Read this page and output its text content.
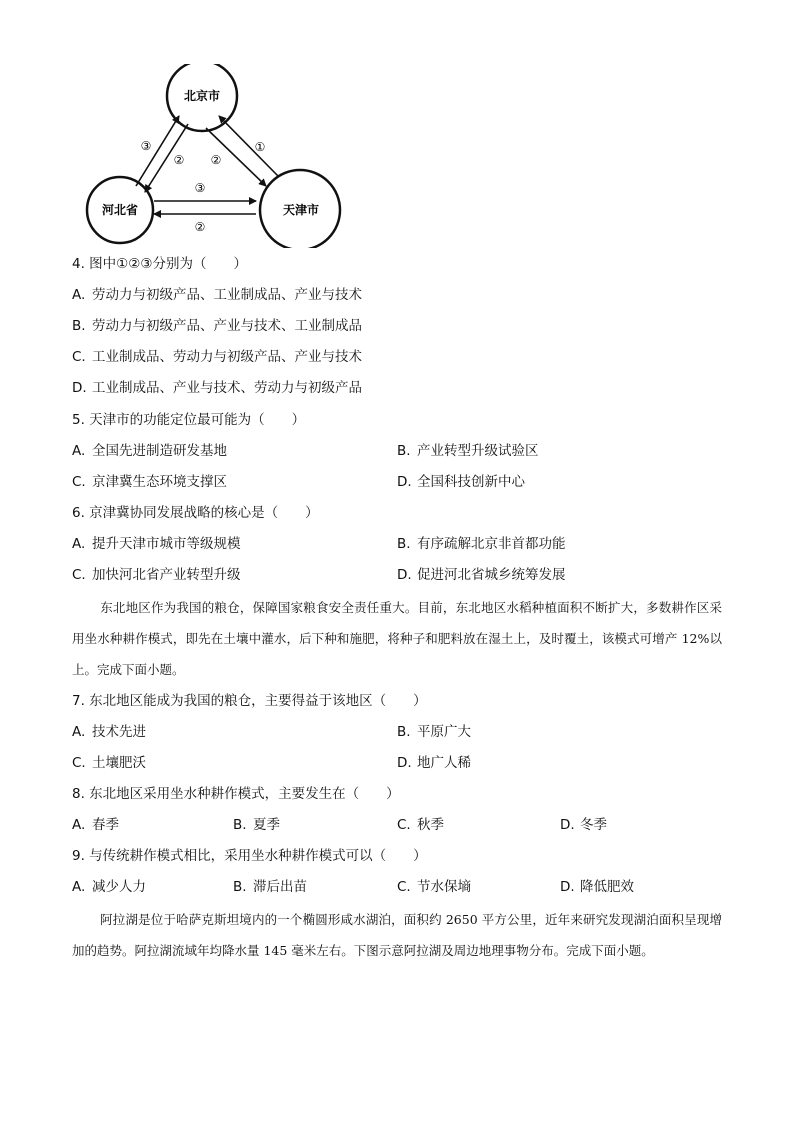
北京市
河北省	天津市
③
② ②
①
③
②
4. 图中①②③分别为（　　）
A. 劳动力与初级产品、工业制成品、产业与技术
B. 劳动力与初级产品、产业与技术、工业制成品
C. 工业制成品、劳动力与初级产品、产业与技术
D. 工业制成品、产业与技术、劳动力与初级产品
5. 天津市的功能定位最可能为（　　）
A. 全国先进制造研发基地	B. 产业转型升级试验区
C. 京津冀生态环境支撑区	D. 全国科技创新中心
6. 京津冀协同发展战略的核心是（　　）
A. 提升天津市城市等级规模	B. 有序疏解北京非首都功能
C. 加快河北省产业转型升级	D. 促进河北省城乡统筹发展
东北地区作为我国的粮仓，保障国家粮食安全责任重大。目前，东北地区水稻种植面积不断扩大，多数耕作区采用坐水种耕作模式，即先在土壤中灌水，后下种和施肥，将种子和肥料放在湿土上，及时覆土，该模式可增产 12%以上。完成下面小题。
7. 东北地区能成为我国的粮仓，主要得益于该地区（　　）
A. 技术先进	B. 平原广大
C. 土壤肥沃	D. 地广人稀
8. 东北地区采用坐水种耕作模式，主要发生在（　　）
A. 春季	B. 夏季	C. 秋季	D. 冬季
9. 与传统耕作模式相比，采用坐水种耕作模式可以（　　）
A. 减少人力	B. 滞后出苗	C. 节水保墒	D. 降低肥效
阿拉湖是位于哈萨克斯坦境内的一个椭圆形咸水湖泊，面积约 2650 平方公里，近年来研究发现湖泊面积呈现增加的趋势。阿拉湖流域年均降水量 145 毫米左右。下图示意阿拉湖及周边地理事物分布。完成下面小题。
